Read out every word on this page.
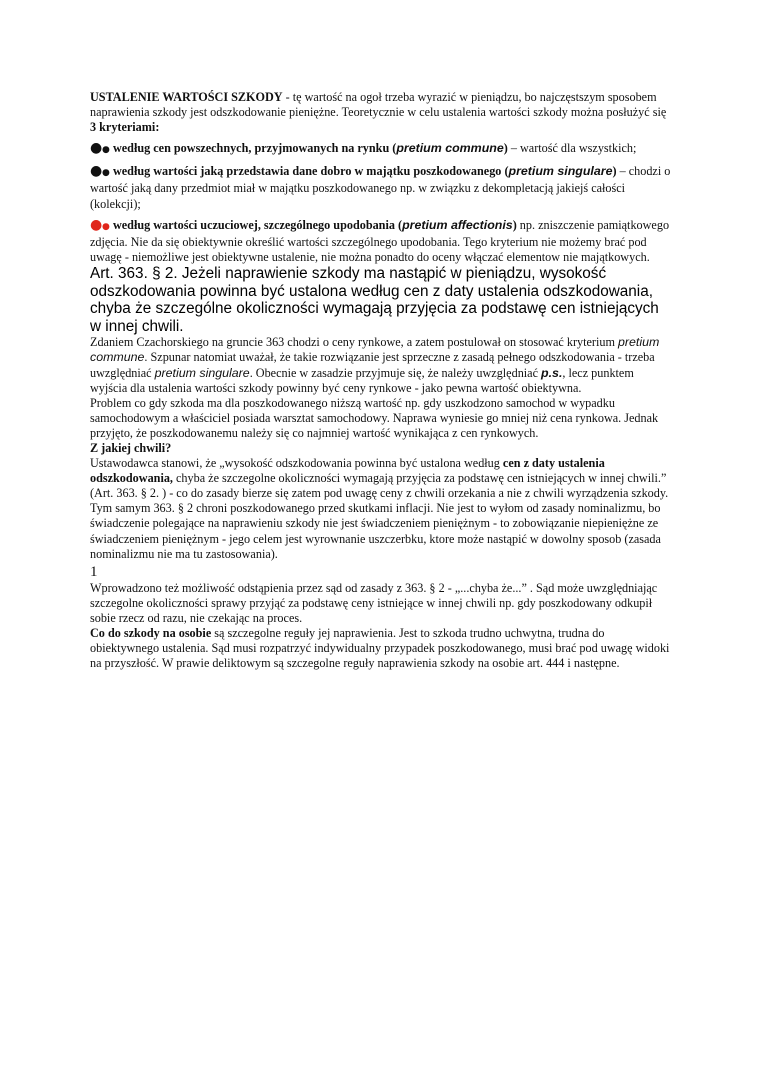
USTALENIE WARTOŚCI SZKODY ‑ tę wartość na ogoł trzeba wyrazić w pieniądzu, bo najczęstszym sposobem naprawienia szkody jest odszkodowanie pieniężne. Teoretycznie w celu ustalenia wartości szkody można posłużyć się 3 kryteriami:

● ● według cen powszechnych, przyjmowanych na rynku (pretium commune) – wartość dla wszystkich;

● ● według wartości jaką przedstawia dane dobro w majątku poszkodowanego (pretium singulare) – chodzi o wartość jaką dany przedmiot miał w majątku poszkodowanego np. w związku z dekompletacją jakiejś całości (kolekcji);

● ● według wartości uczuciowej, szczególnego upodobania (pretium affectionis) np. zniszczenie pamiątkowego zdjęcia. Nie da się obiektywnie określić wartości szczególnego upodobania. Tego kryterium nie możemy brać pod uwagę ‑ niemożliwe jest obiektywne ustalenie, nie można ponadto do oceny włączać elementow nie majątkowych.

Art. 363. § 2. Jeżeli naprawienie szkody ma nastąpić w pieniądzu, wysokość odszkodowania powinna być ustalona według cen z daty ustalenia odszkodowania, chyba że szczególne okoliczności wymagają przyjęcia za podstawę cen istniejących w innej chwili.

Zdaniem Czachorskiego na gruncie 363 chodzi o ceny rynkowe, a zatem postulował on stosować kryterium pretium commune. Szpunar natomiat uważał, że takie rozwiązanie jest sprzeczne z zasadą pełnego odszkodowania ‑ trzeba uwzględniać pretium singulare. Obecnie w zasadzie przyjmuje się, że należy uwzględniać p.s., lecz punktem wyjścia dla ustalenia wartości szkody powinny być ceny rynkowe ‑ jako pewna wartość obiektywna.

Problem co gdy szkoda ma dla poszkodowanego niższą wartość np. gdy uszkodzono samochod w wypadku samochodowym a właściciel posiada warsztat samochodowy. Naprawa wyniesie go mniej niż cena rynkowa. Jednak przyjęto, że poszkodowanemu należy się co najmniej wartość wynikająca z cen rynkowych.

Z jakiej chwili?

Ustawodawca stanowi, że „wysokość odszkodowania powinna być ustalona według cen z daty ustalenia odszkodowania, chyba że szczegolne okoliczności wymagają przyjęcia za podstawę cen istniejących w innej chwili.” (Art. 363. § 2. ) - co do zasady bierze się zatem pod uwagę ceny z chwili orzekania a nie z chwili wyrządzenia szkody. Tym samym 363. § 2 chroni poszkodowanego przed skutkami inflacji. Nie jest to wyłom od zasady nominalizmu, bo świadczenie polegające na naprawieniu szkody nie jest świadczeniem pieniężnym ‑ to zobowiązanie niepieniężne ze świadczeniem pieniężnym ‑ jego celem jest wyrownanie uszczerbku, ktore może nastąpić w dowolny sposob (zasada nominalizmu nie ma tu zastosowania).

1

Wprowadzono też możliwość odstąpienia przez sąd od zasady z 363. § 2 ‑ „...chyba że...” . Sąd może uwzględniając szczegolne okoliczności sprawy przyjąć za podstawę ceny istniejące w innej chwili np. gdy poszkodowany odkupił sobie rzecz od razu, nie czekając na proces.

Co do szkody na osobie są szczegolne reguły jej naprawienia. Jest to szkoda trudno uchwytna, trudna do obiektywnego ustalenia. Sąd musi rozpatrzyć indywidualny przypadek poszkodowanego, musi brać pod uwagę widoki na przyszłość. W prawie deliktowym są szczegolne reguły naprawienia szkody na osobie art. 444 i następne.
